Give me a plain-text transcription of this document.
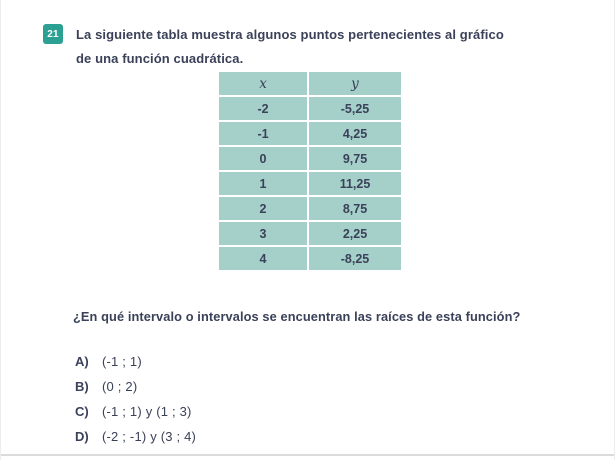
21	La siguiente tabla muestra algunos puntos pertenecientes al gráfico
de una función cuadrática.
x	y
-2	-5,25
-1	4,25
0	9,75
1	11,25
2	8,75
3	2,25
4	-8,25
¿En qué intervalo o intervalos se encuentran las raíces de esta función?
A)	(-1 ; 1)
B)	(0 ; 2)
C)	(-1 ; 1) y (1 ; 3)
D)	(-2 ; -1) y (3 ; 4)
